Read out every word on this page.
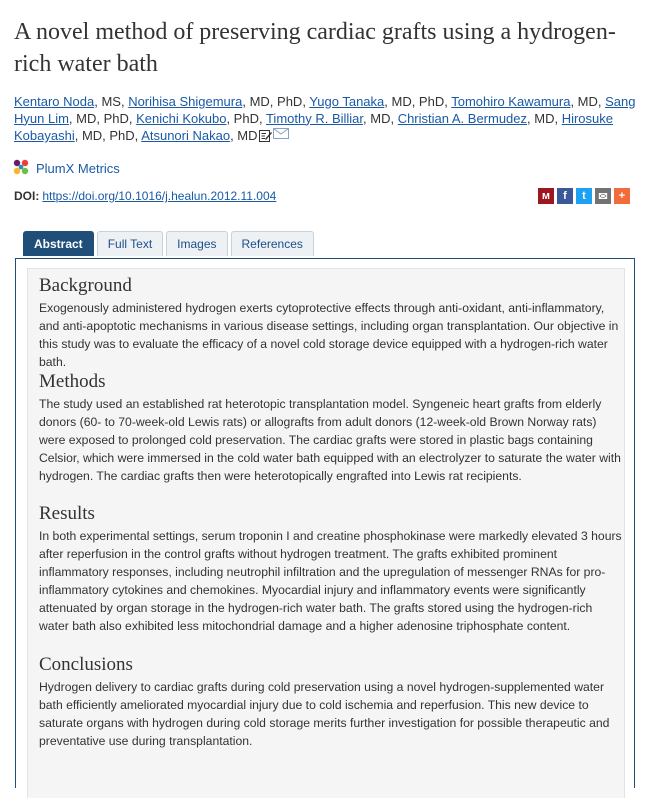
A novel method of preserving cardiac grafts using a hydrogen-rich water bath
Kentaro Noda, MS, Norihisa Shigemura, MD, PhD, Yugo Tanaka, MD, PhD, Tomohiro Kawamura, MD, Sang Hyun Lim, MD, PhD, Kenichi Kokubo, PhD, Timothy R. Billiar, MD, Christian A. Bermudez, MD, Hirosuke Kobayashi, MD, PhD, Atsunori Nakao, MD
PlumX Metrics
DOI: https://doi.org/10.1016/j.healun.2012.11.004	ᴍ	f	t	✉	+
Abstract	Full Text	Images	References
Background

Exogenously administered hydrogen exerts cytoprotective effects through anti-oxidant, anti-inflammatory, and anti-apoptotic mechanisms in various disease settings, including organ transplantation. Our objective in this study was to evaluate the efficacy of a novel cold storage device equipped with a hydrogen-rich water bath.

Methods

The study used an established rat heterotopic transplantation model. Syngeneic heart grafts from elderly donors (60- to 70-week-old Lewis rats) or allografts from adult donors (12-week-old Brown Norway rats) were exposed to prolonged cold preservation. The cardiac grafts were stored in plastic bags containing Celsior, which were immersed in the cold water bath equipped with an electrolyzer to saturate the water with hydrogen. The cardiac grafts then were heterotopically engrafted into Lewis rat recipients.

Results

In both experimental settings, serum troponin I and creatine phosphokinase were markedly elevated 3 hours after reperfusion in the control grafts without hydrogen treatment. The grafts exhibited prominent inflammatory responses, including neutrophil infiltration and the upregulation of messenger RNAs for pro-inflammatory cytokines and chemokines. Myocardial injury and inflammatory events were significantly attenuated by organ storage in the hydrogen-rich water bath. The grafts stored using the hydrogen-rich water bath also exhibited less mitochondrial damage and a higher adenosine triphosphate content.

Conclusions

Hydrogen delivery to cardiac grafts during cold preservation using a novel hydrogen-supplemented water bath efficiently ameliorated myocardial injury due to cold ischemia and reperfusion. This new device to saturate organs with hydrogen during cold storage merits further investigation for possible therapeutic and preventative use during transplantation.
